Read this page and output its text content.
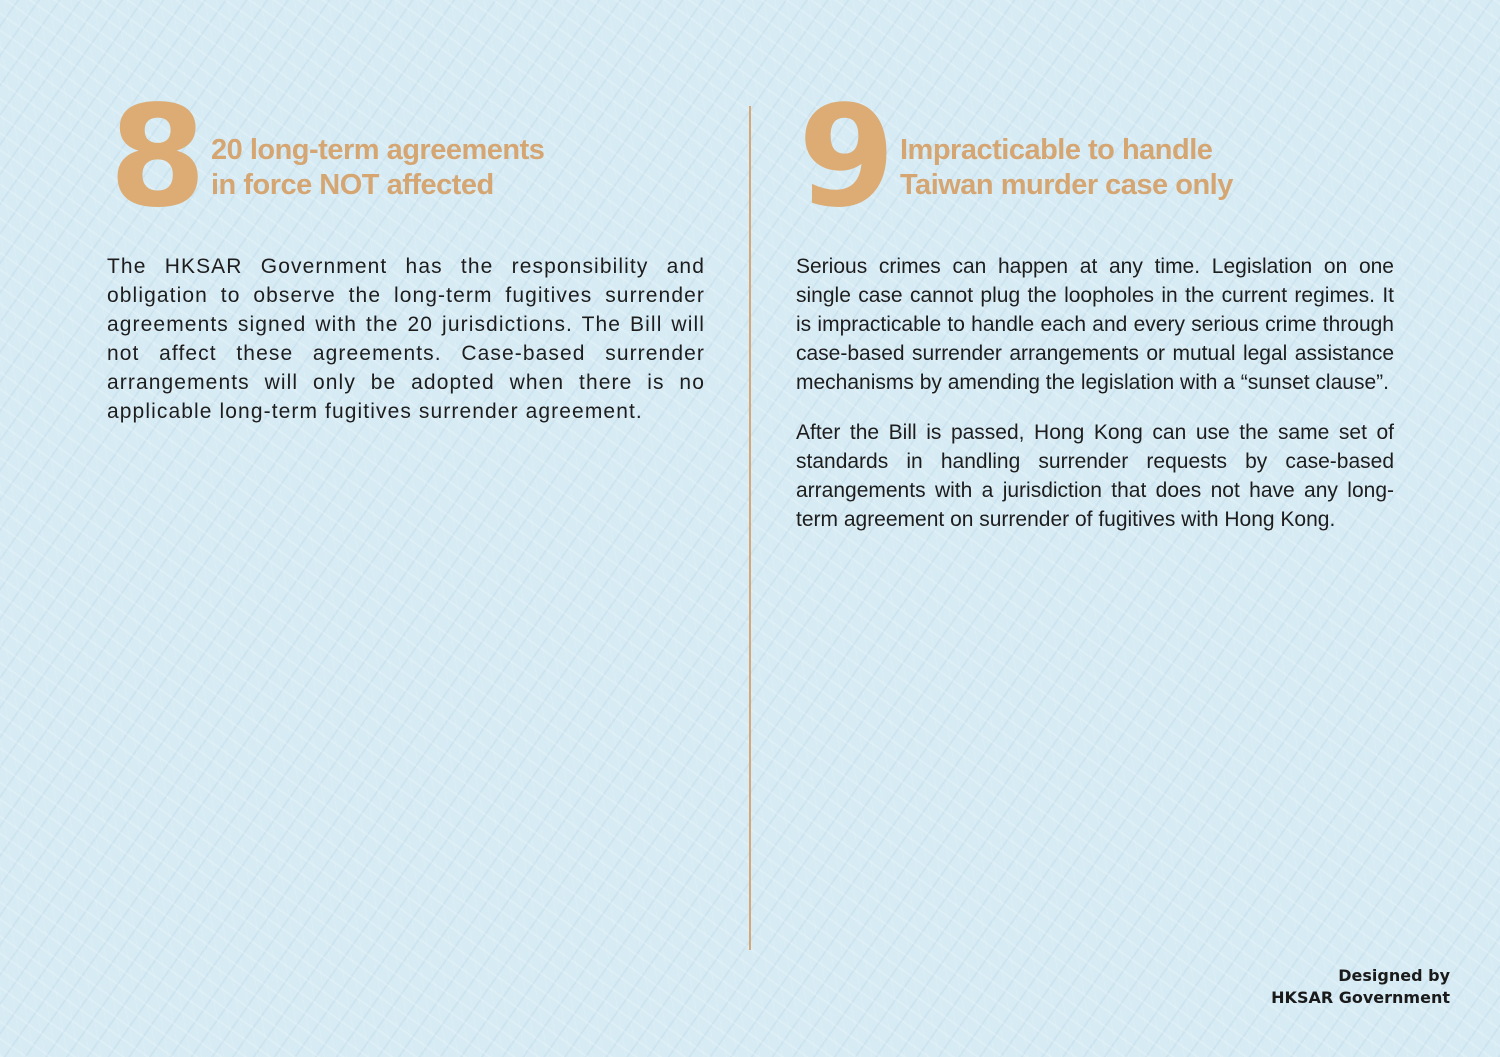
8 20 long-term agreements
in force NOT affected

The HKSAR Government has the responsibility and obligation to observe the long-term fugitives surrender agreements signed with the 20 jurisdictions. The Bill will not affect these agreements. Case-based surrender arrangements will only be adopted when there is no applicable long-term fugitives surrender agreement.

9 Impracticable to handle
Taiwan murder case only

Serious crimes can happen at any time. Legislation on one single case cannot plug the loopholes in the current regimes. It is impracticable to handle each and every serious crime through case-based surrender arrangements or mutual legal assistance mechanisms by amending the legislation with a “sunset clause”.

After the Bill is passed, Hong Kong can use the same set of standards in handling surrender requests by case-based arrangements with a jurisdiction that does not have any long-term agreement on surrender of fugitives with Hong Kong.

Designed by
HKSAR Government
